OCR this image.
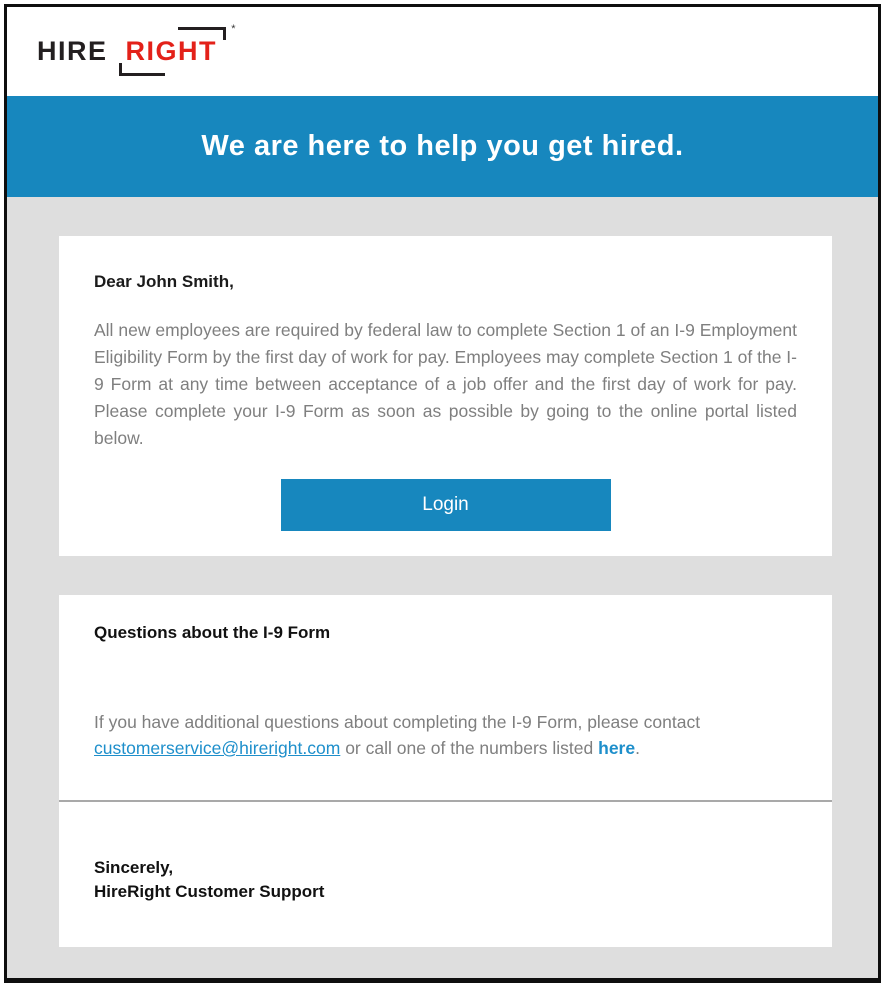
HIRE RIGHT
*
We are here to help you get hired.
Dear John Smith,

All new employees are required by federal law to complete Section 1 of an I-9 Employment Eligibility Form by the first day of work for pay. Employees may complete Section 1 of the I-9 Form at any time between acceptance of a job offer and the first day of work for pay. Please complete your I-9 Form as soon as possible by going to the online portal listed below.

Login
Questions about the I-9 Form

If you have additional questions about completing the I-9 Form, please contact customerservice@hireright.com or call one of the numbers listed here.

Sincerely,
HireRight Customer Support
